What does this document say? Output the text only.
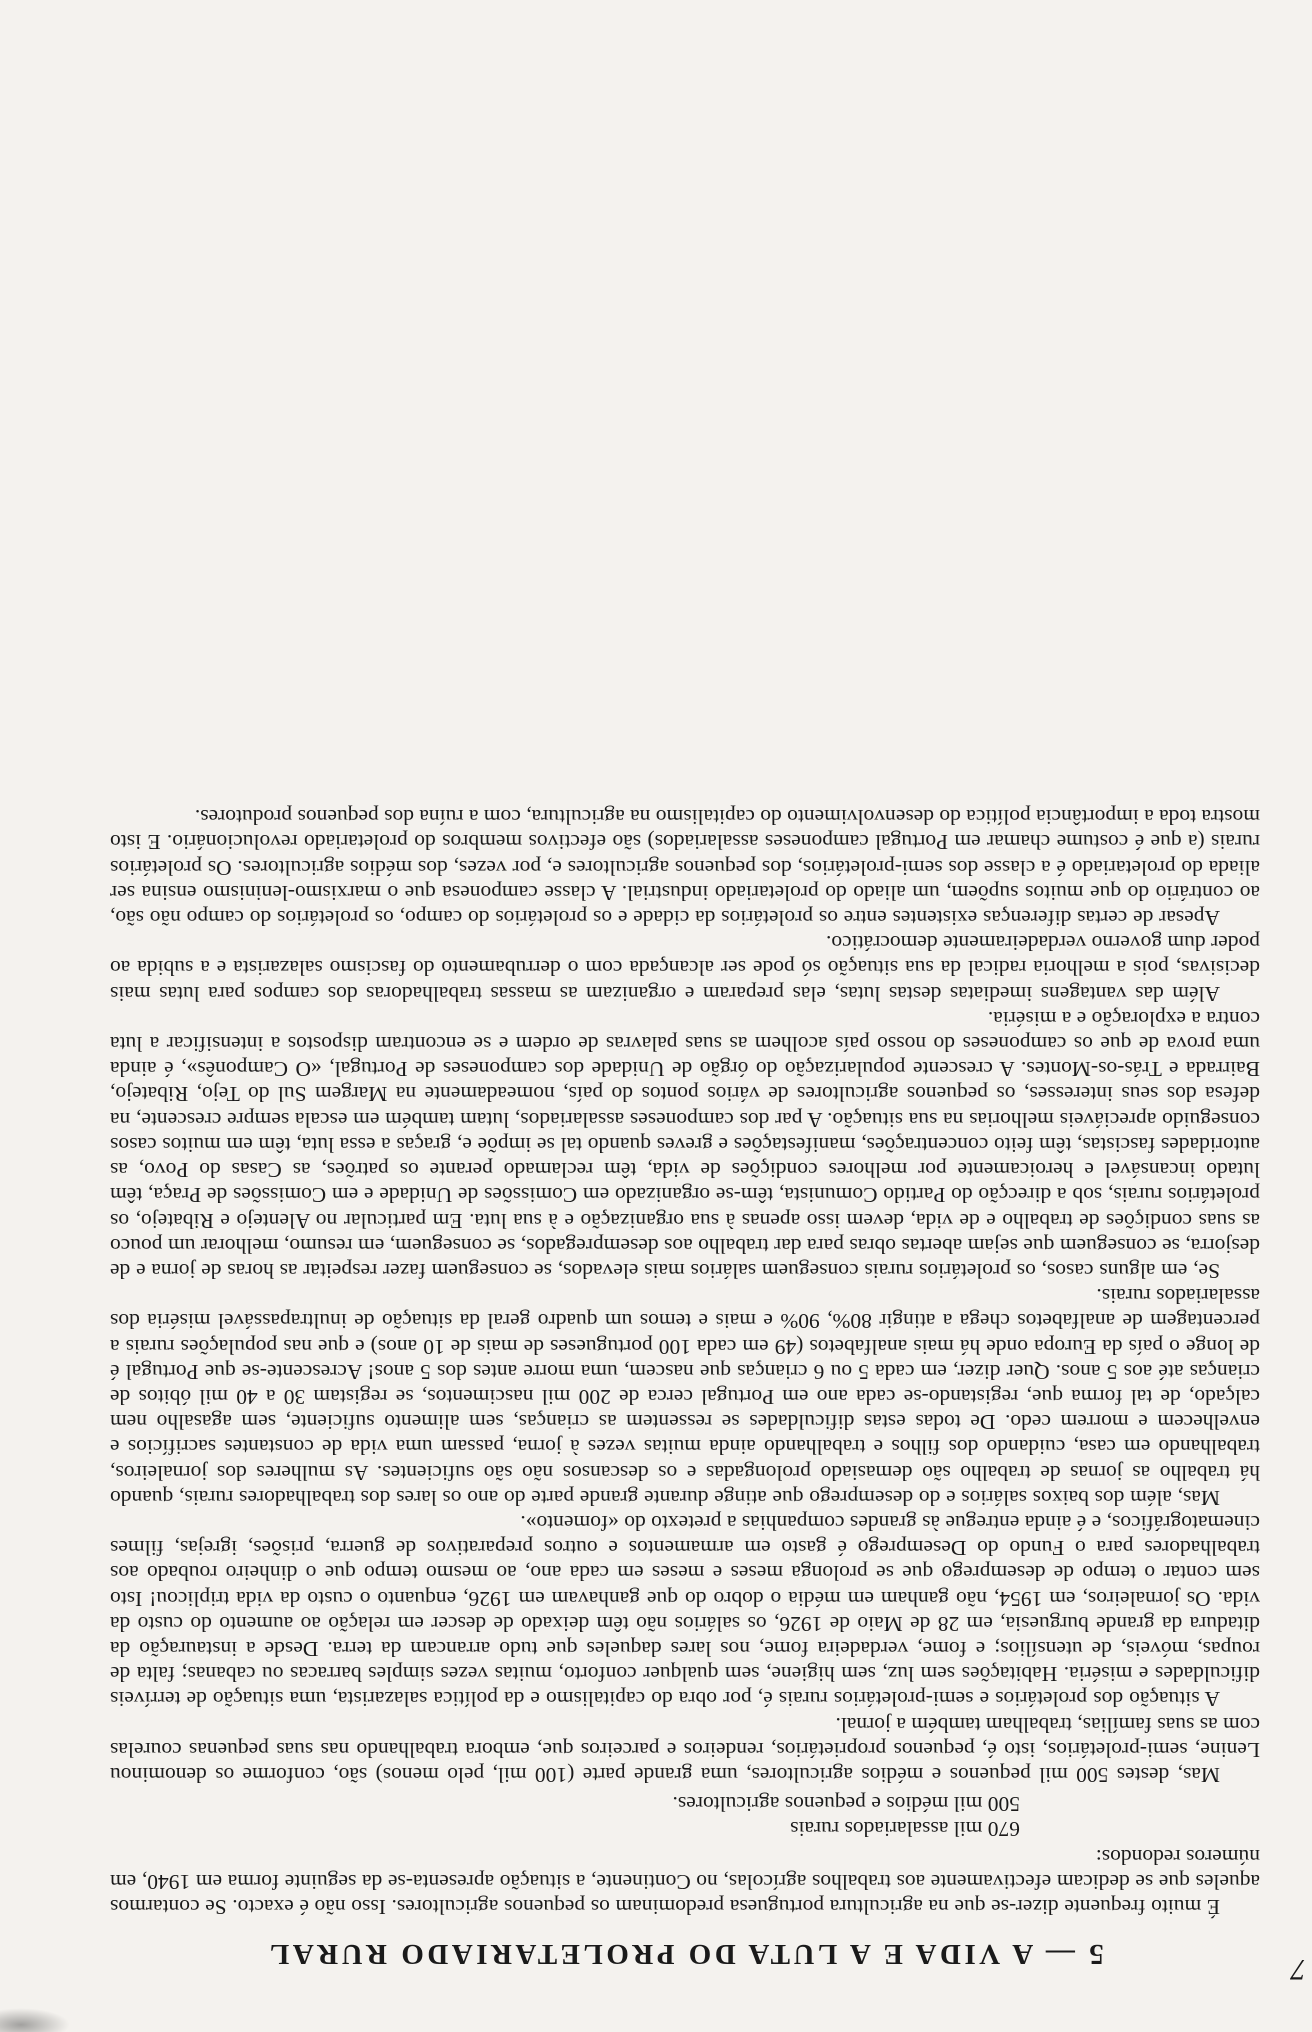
7
5 — A VIDA E A LUTA DO PROLETARIADO RURAL

É muito frequente dizer-se que na agricultura portuguesa predominam os pequenos agricultores. Isso não é exacto. Se contarmos aqueles que se dedicam efectivamente aos trabalhos agrícolas, no Continente, a situação apresenta-se da seguinte forma em 1940, em números redondos:

670 mil assalariados rurais
500 mil médios e pequenos agricultores.

Mas, destes 500 mil pequenos e médios agricultores, uma grande parte (100 mil, pelo menos) são, conforme os denominou Lenine, semi-proletários, isto é, pequenos proprietários, rendeiros e parceiros que, embora trabalhando nas suas pequenas courelas com as suas famílias, trabalham também a jornal.

A situação dos proletários e semi-proletários rurais é, por obra do capitalismo e da política salazarista, uma situação de terríveis dificuldades e miséria. Habitações sem luz, sem higiene, sem qualquer conforto, muitas vezes simples barracas ou cabanas; falta de roupas, móveis, de utensílios; e fome, verdadeira fome, nos lares daqueles que tudo arrancam da terra. Desde a instauração da ditadura da grande burguesia, em 28 de Maio de 1926, os salários não têm deixado de descer em relação ao aumento do custo da vida. Os jornaleiros, em 1954, não ganham em média o dobro do que ganhavam em 1926, enquanto o custo da vida triplicou! Isto sem contar o tempo de desemprego que se prolonga meses e meses em cada ano, ao mesmo tempo que o dinheiro roubado aos trabalhadores para o Fundo do Desemprego é gasto em armamentos e outros preparativos de guerra, prisões, igrejas, filmes cinematográficos, e é ainda entregue às grandes companhias a pretexto do «fomento».

Mas, além dos baixos salários e do desemprego que atinge durante grande parte do ano os lares dos trabalhadores rurais, quando há trabalho as jornas de trabalho são demasiado prolongadas e os descansos não são suficientes. As mulheres dos jornaleiros, trabalhando em casa, cuidando dos filhos e trabalhando ainda muitas vezes à jorna, passam uma vida de constantes sacrifícios e envelhecem e morrem cedo. De todas estas dificuldades se ressentem as crianças, sem alimento suficiente, sem agasalho nem calçado, de tal forma que, registando-se cada ano em Portugal cerca de 200 mil nascimentos, se registam 30 a 40 mil óbitos de crianças até aos 5 anos. Quer dizer, em cada 5 ou 6 crianças que nascem, uma morre antes dos 5 anos! Acrescente-se que Portugal é de longe o país da Europa onde há mais analfabetos (49 em cada 100 portugueses de mais de 10 anos) e que nas populações rurais a percentagem de analfabetos chega a atingir 80%, 90% e mais e temos um quadro geral da situação de inultrapassável miséria dos assalariados rurais.

Se, em alguns casos, os proletários rurais conseguem salários mais elevados, se conseguem fazer respeitar as horas de jorna e de desjorra, se conseguem que sejam abertas obras para dar trabalho aos desempregados, se conseguem, em resumo, melhorar um pouco as suas condições de trabalho e de vida, devem isso apenas à sua organização e à sua luta. Em particular no Alentejo e Ribatejo, os proletários rurais, sob a direcção do Partido Comunista, têm-se organizado em Comissões de Unidade e em Comissões de Praça, têm lutado incansável e heroicamente por melhores condições de vida, têm reclamado perante os patrões, as Casas do Povo, as autoridades fascistas, têm feito concentrações, manifestações e greves quando tal se impõe e, graças a essa luta, têm em muitos casos conseguido apreciáveis melhorias na sua situação. A par dos camponeses assalariados, lutam também em escala sempre crescente, na defesa dos seus interesses, os pequenos agricultores de vários pontos do país, nomeadamente na Margem Sul do Tejo, Ribatejo, Bairrada e Trás-os-Montes. A crescente popularização do órgão de Unidade dos camponeses de Portugal, «O Camponês», é ainda uma prova de que os camponeses do nosso país acolhem as suas palavras de ordem e se encontram dispostos a intensificar a luta contra a exploração e a miséria.

Além das vantagens imediatas destas lutas, elas preparam e organizam as massas trabalhadoras dos campos para lutas mais decisivas, pois a melhoria radical da sua situação só pode ser alcançada com o derrubamento do fascismo salazarista e a subida ao poder dum governo verdadeiramente democrático.

Apesar de certas diferenças existentes entre os proletários da cidade e os proletários do campo, os proletários do campo não são, ao contrário do que muitos supõem, um aliado do proletariado industrial. A classe camponesa que o marxismo-leninismo ensina ser aliada do proletariado é a classe dos semi-proletários, dos pequenos agricultores e, por vezes, dos médios agricultores. Os proletários rurais (a que é costume chamar em Portugal camponeses assalariados) são efectivos membros do proletariado revolucionário. E isto mostra toda a importância política do desenvolvimento do capitalismo na agricultura, com a ruína dos pequenos produtores.
